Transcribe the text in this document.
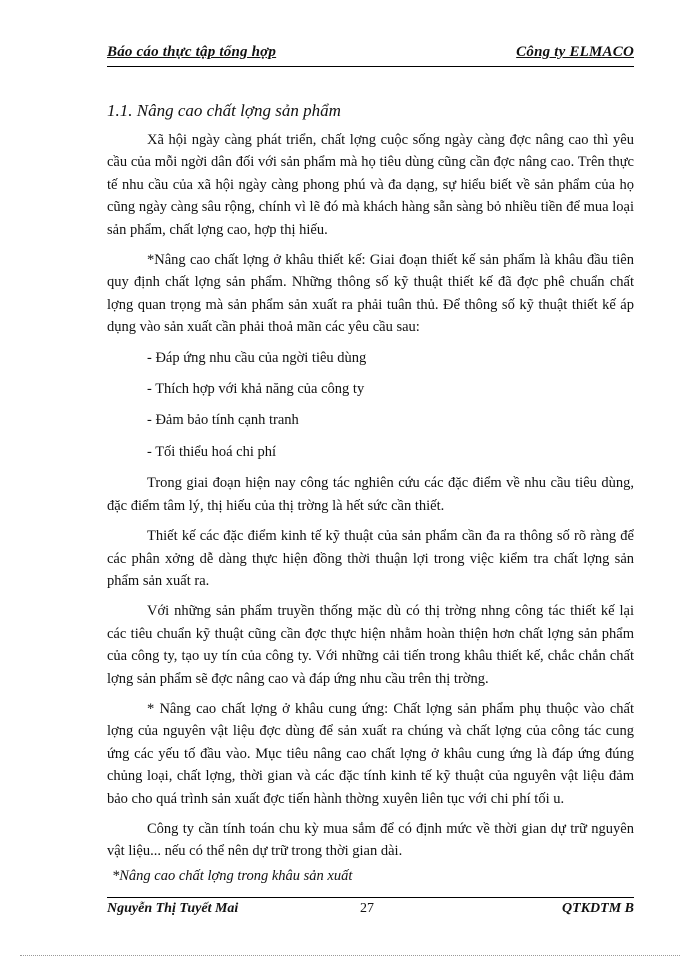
Báo cáo thực tập tổng hợp	Công ty ELMACO
1.1. Nâng cao chất lợng sản phẩm

Xã hội ngày càng phát triển, chất lợng cuộc sống ngày càng đợc nâng cao thì yêu cầu của mỗi ngời dân đối với sản phẩm mà họ tiêu dùng cũng cần đợc nâng cao. Trên thực tế nhu cầu của xã hội ngày càng phong phú và đa dạng, sự hiểu biết về sản phẩm của họ cũng ngày càng sâu rộng, chính vì lẽ đó mà khách hàng sẵn sàng bỏ nhiều tiền để mua loại sản phẩm, chất lợng cao, hợp thị hiếu.

*Nâng cao chất lợng ở khâu thiết kế: Giai đoạn thiết kế sản phẩm là khâu đầu tiên quy định chất lợng sản phẩm. Những thông số kỹ thuật thiết kế đã đợc phê chuẩn chất lợng quan trọng mà sản phẩm sản xuất ra phải tuân thủ. Để thông số kỹ thuật thiết kế áp dụng vào sản xuất cần phải thoả mãn các yêu cầu sau:

- Đáp ứng nhu cầu của ngời tiêu dùng

- Thích hợp với khả năng của công ty

- Đảm bảo tính cạnh tranh

- Tối thiểu hoá chi phí

Trong giai đoạn hiện nay công tác nghiên cứu các đặc điểm về nhu cầu tiêu dùng, đặc điểm tâm lý, thị hiếu của thị trờng là hết sức cần thiết.

Thiết kế các đặc điểm kinh tế kỹ thuật của sản phẩm cần đa ra thông số rõ ràng để các phân xởng dễ dàng thực hiện đồng thời thuận lợi trong việc kiểm tra chất lợng sản phẩm sản xuất ra.

Với những sản phẩm truyền thống mặc dù có thị trờng nhng công tác thiết kế lại các tiêu chuẩn kỹ thuật cũng cần đợc thực hiện nhằm hoàn thiện hơn chất lợng sản phẩm của công ty, tạo uy tín của công ty. Với những cải tiến trong khâu thiết kế, chắc chắn chất lợng sản phẩm sẽ đợc nâng cao và đáp ứng nhu cầu trên thị trờng.

* Nâng cao chất lợng ở khâu cung ứng: Chất lợng sản phẩm phụ thuộc vào chất lợng của nguyên vật liệu đợc dùng để sản xuất ra chúng và chất lợng của công tác cung ứng các yếu tố đầu vào. Mục tiêu nâng cao chất lợng ở khâu cung ứng là đáp ứng đúng chủng loại, chất lợng, thời gian và các đặc tính kinh tế kỹ thuật của nguyên vật liệu đảm bảo cho quá trình sản xuất đợc tiến hành thờng xuyên liên tục với chi phí tối u.

Công ty cần tính toán chu kỳ mua sắm để có định mức về thời gian dự trữ nguyên vật liệu... nếu có thể nên dự trữ trong thời gian dài.

*Nâng cao chất lợng trong khâu sản xuất
Nguyễn Thị Tuyết Mai	27	QTKDTM B
